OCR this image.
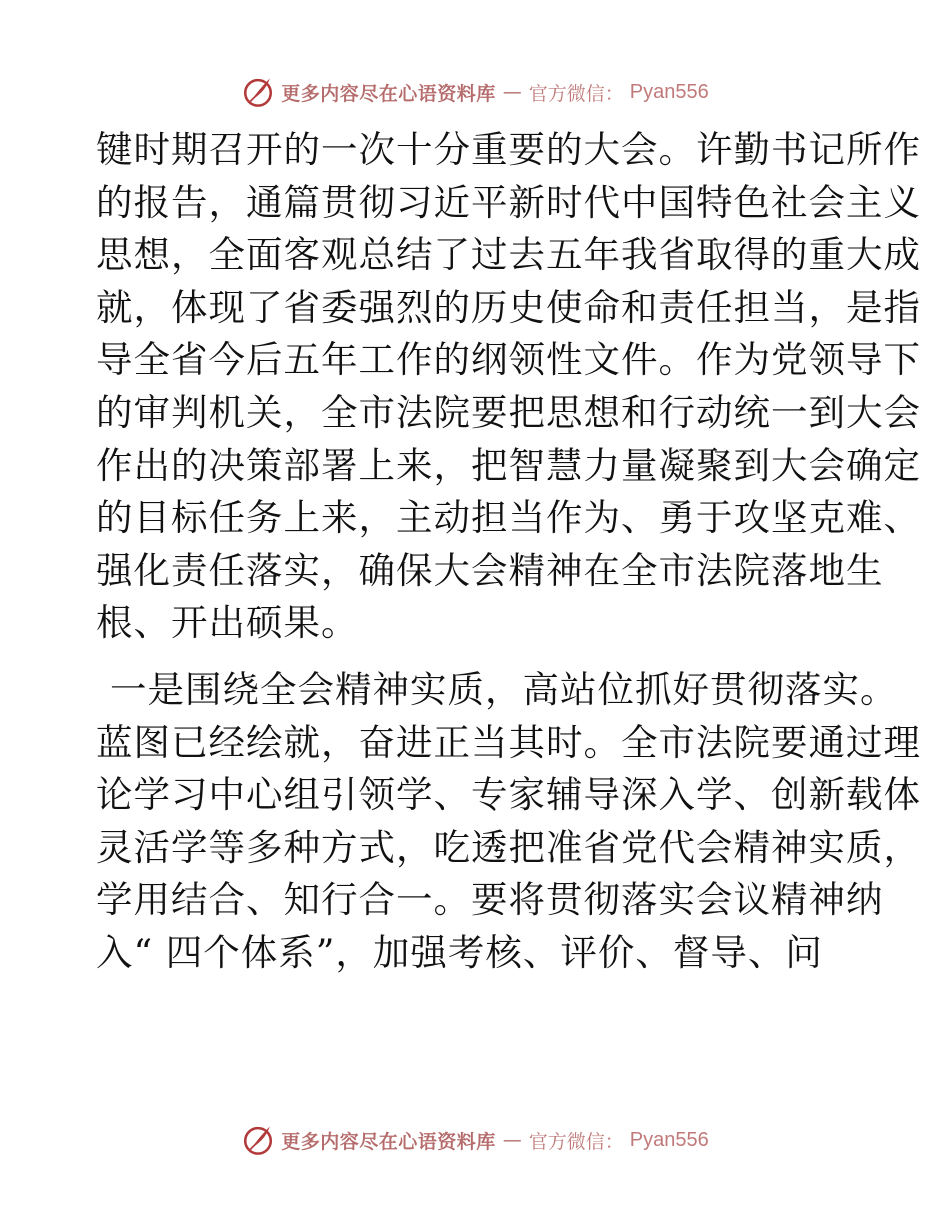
更多内容尽在心语资料库 — 官方微信： Pyan556
键时期召开的一次十分重要的大会。许勤书记所作
的报告，通篇贯彻习近平新时代中国特色社会主义
思想，全面客观总结了过去五年我省取得的重大成
就，体现了省委强烈的历史使命和责任担当，是指
导全省今后五年工作的纲领性文件。作为党领导下
的审判机关，全市法院要把思想和行动统一到大会
作出的决策部署上来，把智慧力量凝聚到大会确定
的目标任务上来，主动担当作为、勇于攻坚克难、
强化责任落实，确保大会精神在全市法院落地生
根、开出硕果。
一是围绕全会精神实质，高站位抓好贯彻落实。
蓝图已经绘就，奋进正当其时。全市法院要通过理
论学习中心组引领学、专家辅导深入学、创新载体
灵活学等多种方式，吃透把准省党代会精神实质，
学用结合、知行合一。要将贯彻落实会议精神纳
入“ 四个体系”，加强考核、评价、督导、问
更多内容尽在心语资料库 — 官方微信： Pyan556
